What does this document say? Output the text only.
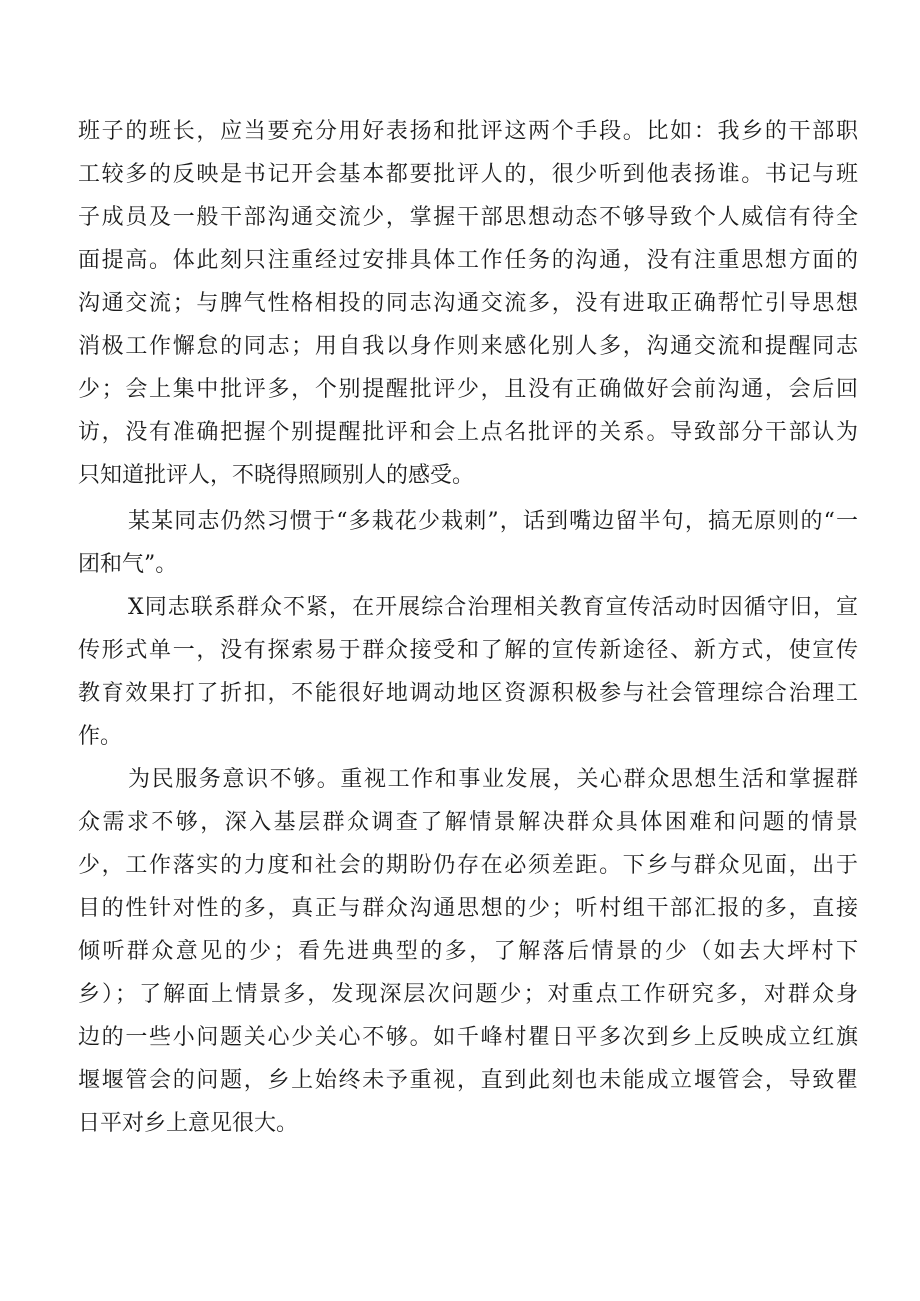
班子的班长，应当要充分用好表扬和批评这两个手段。比如：我乡的干部职
工较多的反映是书记开会基本都要批评人的，很少听到他表扬谁。书记与班
子成员及一般干部沟通交流少，掌握干部思想动态不够导致个人威信有待全
面提高。体此刻只注重经过安排具体工作任务的沟通，没有注重思想方面的
沟通交流；与脾气性格相投的同志沟通交流多，没有进取正确帮忙引导思想
消极工作懈怠的同志；用自我以身作则来感化别人多，沟通交流和提醒同志
少；会上集中批评多，个别提醒批评少，且没有正确做好会前沟通，会后回
访，没有准确把握个别提醒批评和会上点名批评的关系。导致部分干部认为
只知道批评人，不晓得照顾别人的感受。
某某同志仍然习惯于“多栽花少栽刺”，话到嘴边留半句，搞无原则的“一
团和气”。
X同志联系群众不紧，在开展综合治理相关教育宣传活动时因循守旧，宣
传形式单一，没有探索易于群众接受和了解的宣传新途径、新方式，使宣传
教育效果打了折扣，不能很好地调动地区资源积极参与社会管理综合治理工
作。
为民服务意识不够。重视工作和事业发展，关心群众思想生活和掌握群
众需求不够，深入基层群众调查了解情景解决群众具体困难和问题的情景
少，工作落实的力度和社会的期盼仍存在必须差距。下乡与群众见面，出于
目的性针对性的多，真正与群众沟通思想的少；听村组干部汇报的多，直接
倾听群众意见的少；看先进典型的多，了解落后情景的少（如去大坪村下
乡）；了解面上情景多，发现深层次问题少；对重点工作研究多，对群众身
边的一些小问题关心少关心不够。如千峰村瞿日平多次到乡上反映成立红旗
堰堰管会的问题，乡上始终未予重视，直到此刻也未能成立堰管会，导致瞿
日平对乡上意见很大。
